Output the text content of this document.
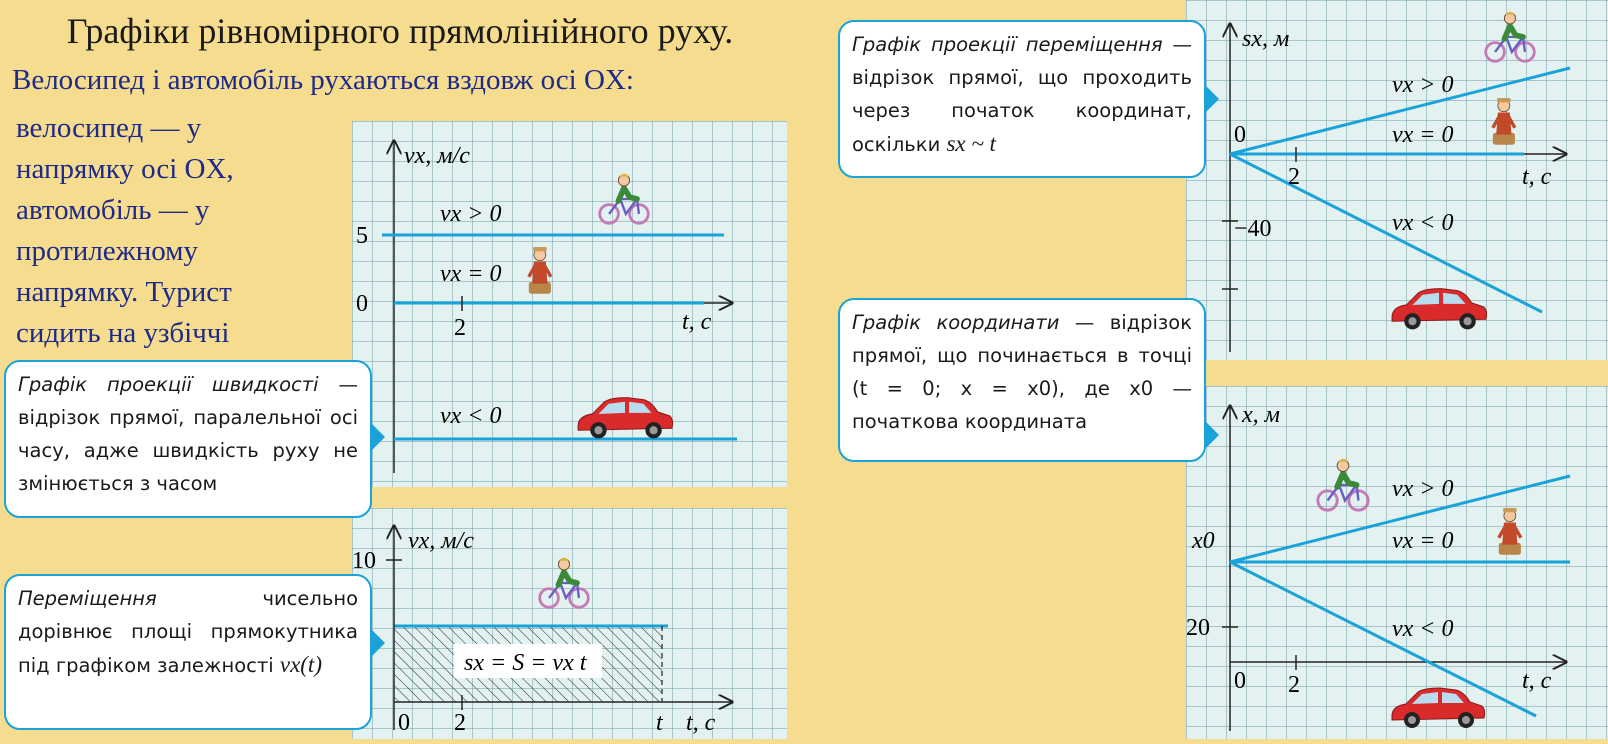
Графіки рівномірного прямолінійного руху.
Велосипед і автомобіль рухаються вздовж осі OX:
велосипед — у
напрямку осі OX,
автомобіль — у
протилежному
напрямку. Турист
сидить на узбіччі
vx, м/с
t, с
5
0
2
vx > 0
vx = 0
vx < 0
vx, м/с
10
0 2	t t, с
sx = S = vx t
sx, м
0
−40
2	t, с
vx > 0
vx = 0
vx < 0
x, м
x0
20
0 2	t, с
vx > 0
vx = 0
vx < 0
Графік проекції швидкості — відрізок прямої, паралельної осі часу, адже швидкість руху не змінюється з часом
Переміщення чисельно дорівнює площі прямокутника під графіком залежності vx(t)
Графік проекції переміщення — відрізок прямої, що проходить через початок координат, оскільки sx ~ t
Графік координати — відрізок прямої, що починається в точці (t = 0; x = x0), де x0 — початкова координата
